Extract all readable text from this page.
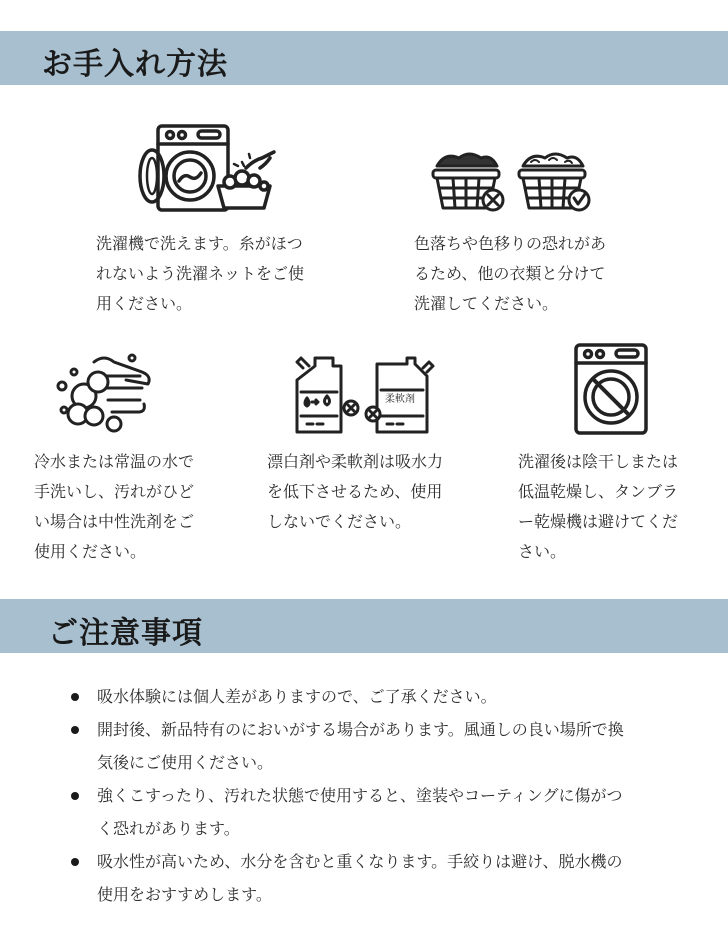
お手入れ方法

洗濯機で洗えます。糸がほつ
れないよう洗濯ネットをご使
用ください。

色落ちや色移りの恐れがあ
るため、他の衣類と分けて
洗濯してください。

冷水または常温の水で
手洗いし、汚れがひど
い場合は中性洗剤をご
使用ください。

柔軟剤

漂白剤や柔軟剤は吸水力
を低下させるため、使用
しないでください。

洗濯後は陰干しまたは
低温乾燥し、タンブラ
ー乾燥機は避けてくだ
さい。

ご注意事項
吸水体験には個人差がありますので、ご了承ください。
開封後、新品特有のにおいがする場合があります。風通しの良い場所で換
気後にご使用ください。
強くこすったり、汚れた状態で使用すると、塗装やコーティングに傷がつ
く恐れがあります。
吸水性が高いため、水分を含むと重くなります。手絞りは避け、脱水機の
使用をおすすめします。
